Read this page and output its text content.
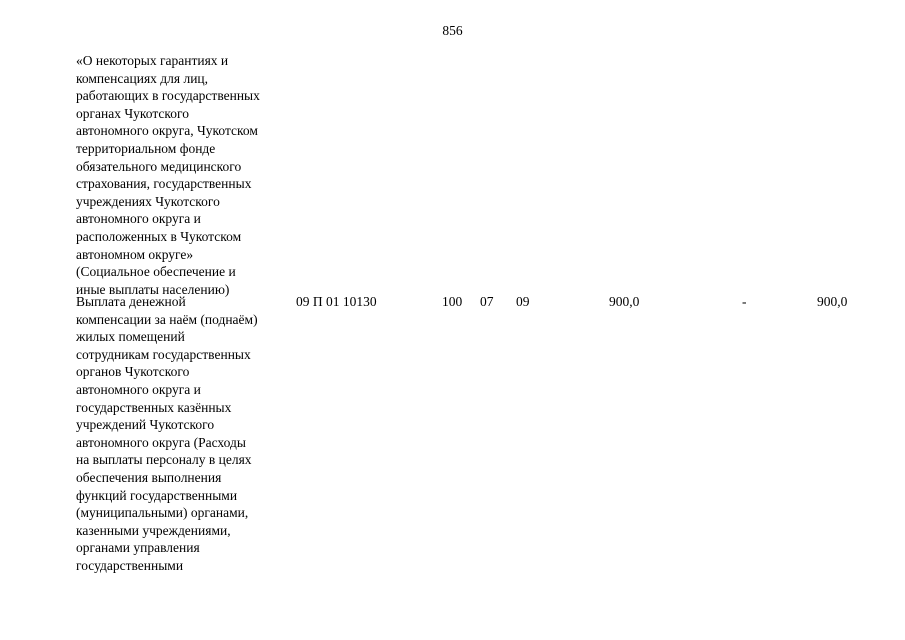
856
«О некоторых гарантиях и
компенсациях для лиц,
работающих в государственных
органах Чукотского
автономного округа, Чукотском
территориальном фонде
обязательного медицинского
страхования, государственных
учреждениях Чукотского
автономного округа и
расположенных в Чукотском
автономном округе»
(Социальное обеспечение и
иные выплаты населению)
Выплата денежной
компенсации за наём (поднаём)
жилых помещений
сотрудникам государственных
органов Чукотского
автономного округа и
государственных казённых
учреждений Чукотского
автономного округа (Расходы
на выплаты персоналу в целях
обеспечения выполнения
функций государственными
(муниципальными) органами,
казенными учреждениями,
органами управления
государственными
09 П 01 10130	100 07 09	900,0	-	900,0
